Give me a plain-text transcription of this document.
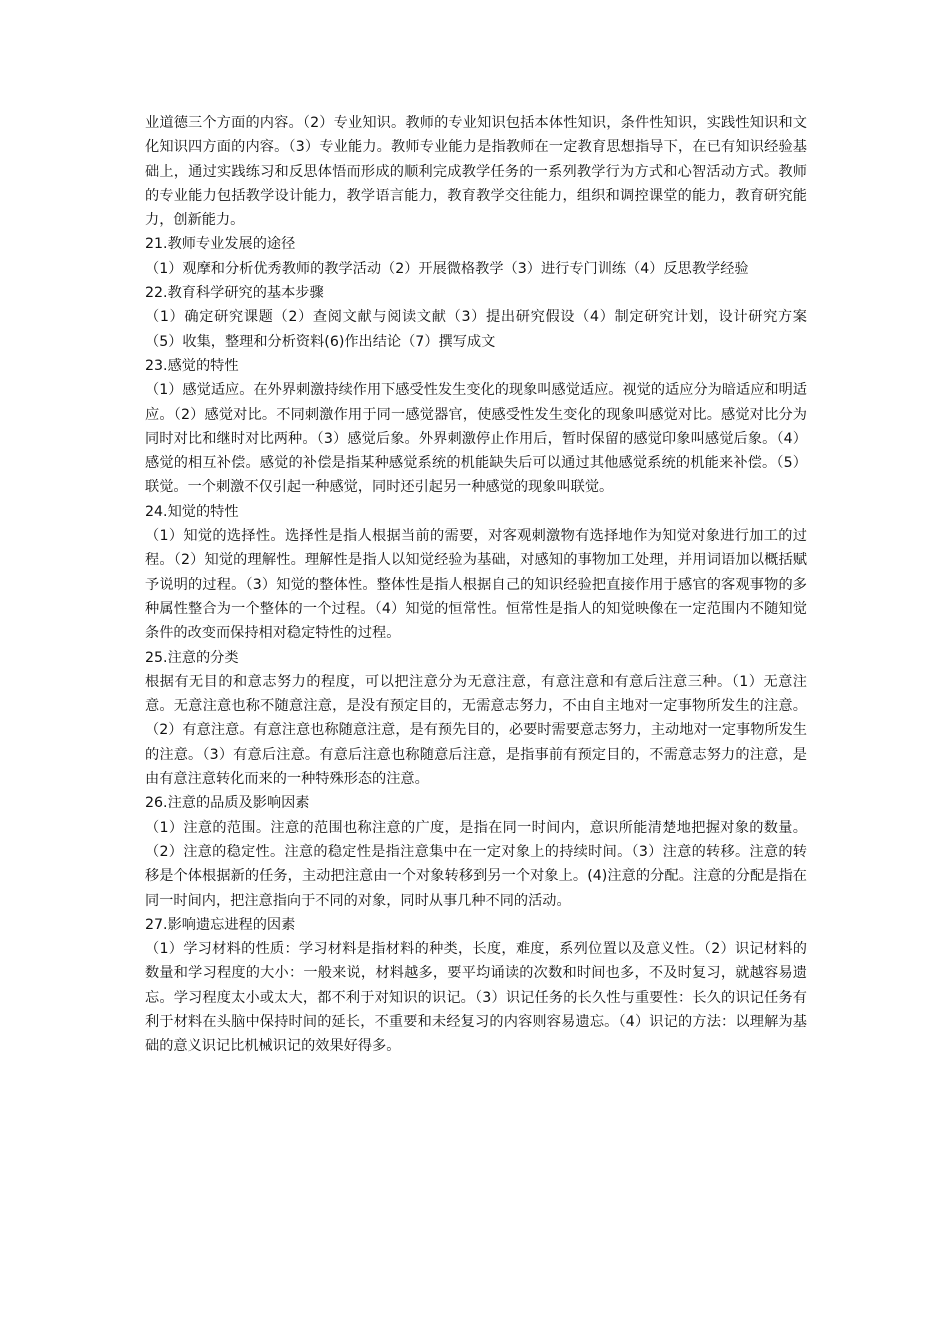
业道德三个方面的内容。（2）专业知识。教师的专业知识包括本体性知识，条件性知识，实践性知识和文化知识四方面的内容。（3）专业能力。教师专业能力是指教师在一定教育思想指导下，在已有知识经验基础上，通过实践练习和反思体悟而形成的顺利完成教学任务的一系列教学行为方式和心智活动方式。教师的专业能力包括教学设计能力，教学语言能力，教育教学交往能力，组织和调控课堂的能力，教育研究能力，创新能力。

21.教师专业发展的途径

（1）观摩和分析优秀教师的教学活动（2）开展微格教学（3）进行专门训练（4）反思教学经验

22.教育科学研究的基本步骤

（1）确定研究课题（2）查阅文献与阅读文献（3）提出研究假设（4）制定研究计划，设计研究方案（5）收集，整理和分析资料(6)作出结论（7）撰写成文

23.感觉的特性

（1）感觉适应。在外界刺激持续作用下感受性发生变化的现象叫感觉适应。视觉的适应分为暗适应和明适应。（2）感觉对比。不同刺激作用于同一感觉器官，使感受性发生变化的现象叫感觉对比。感觉对比分为同时对比和继时对比两种。（3）感觉后象。外界刺激停止作用后，暂时保留的感觉印象叫感觉后象。（4）感觉的相互补偿。感觉的补偿是指某种感觉系统的机能缺失后可以通过其他感觉系统的机能来补偿。（5）联觉。一个刺激不仅引起一种感觉，同时还引起另一种感觉的现象叫联觉。

24.知觉的特性

（1）知觉的选择性。选择性是指人根据当前的需要，对客观刺激物有选择地作为知觉对象进行加工的过程。（2）知觉的理解性。理解性是指人以知觉经验为基础，对感知的事物加工处理，并用词语加以概括赋予说明的过程。（3）知觉的整体性。整体性是指人根据自己的知识经验把直接作用于感官的客观事物的多种属性整合为一个整体的一个过程。（4）知觉的恒常性。恒常性是指人的知觉映像在一定范围内不随知觉条件的改变而保持相对稳定特性的过程。

25.注意的分类

根据有无目的和意志努力的程度，可以把注意分为无意注意，有意注意和有意后注意三种。（1）无意注意。无意注意也称不随意注意，是没有预定目的，无需意志努力，不由自主地对一定事物所发生的注意。（2）有意注意。有意注意也称随意注意，是有预先目的，必要时需要意志努力，主动地对一定事物所发生的注意。（3）有意后注意。有意后注意也称随意后注意，是指事前有预定目的，不需意志努力的注意，是由有意注意转化而来的一种特殊形态的注意。

26.注意的品质及影响因素

（1）注意的范围。注意的范围也称注意的广度，是指在同一时间内，意识所能清楚地把握对象的数量。（2）注意的稳定性。注意的稳定性是指注意集中在一定对象上的持续时间。（3）注意的转移。注意的转移是个体根据新的任务，主动把注意由一个对象转移到另一个对象上。(4)注意的分配。注意的分配是指在同一时间内，把注意指向于不同的对象，同时从事几种不同的活动。

27.影响遗忘进程的因素

（1）学习材料的性质：学习材料是指材料的种类，长度，难度，系列位置以及意义性。（2）识记材料的数量和学习程度的大小：一般来说，材料越多，要平均诵读的次数和时间也多，不及时复习，就越容易遗忘。学习程度太小或太大，都不利于对知识的识记。（3）识记任务的长久性与重要性：长久的识记任务有利于材料在头脑中保持时间的延长，不重要和未经复习的内容则容易遗忘。（4）识记的方法：以理解为基础的意义识记比机械识记的效果好得多。
